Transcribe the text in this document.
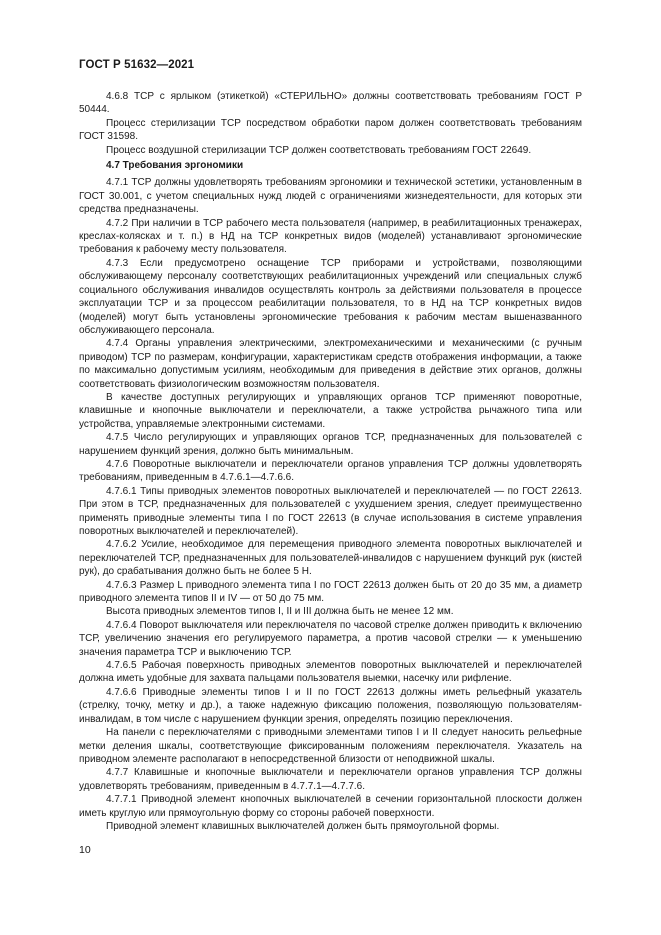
ГОСТ Р 51632—2021

4.6.8 ТСР с ярлыком (этикеткой) «СТЕРИЛЬНО» должны соответствовать требованиям ГОСТ Р 50444.

Процесс стерилизации ТСР посредством обработки паром должен соответствовать требованиям ГОСТ 31598.

Процесс воздушной стерилизации ТСР должен соответствовать требованиям ГОСТ 22649.

4.7 Требования эргономики

4.7.1 ТСР должны удовлетворять требованиям эргономики и технической эстетики, установленным в ГОСТ 30.001, с учетом специальных нужд людей с ограничениями жизнедеятельности, для которых эти средства предназначены.

4.7.2 При наличии в ТСР рабочего места пользователя (например, в реабилитационных тренажерах, креслах-колясках и т. п.) в НД на ТСР конкретных видов (моделей) устанавливают эргономические требования к рабочему месту пользователя.

4.7.3 Если предусмотрено оснащение ТСР приборами и устройствами, позволяющими обслуживающему персоналу соответствующих реабилитационных учреждений или специальных служб социального обслуживания инвалидов осуществлять контроль за действиями пользователя в процессе эксплуатации ТСР и за процессом реабилитации пользователя, то в НД на ТСР конкретных видов (моделей) могут быть установлены эргономические требования к рабочим местам вышеназванного обслуживающего персонала.

4.7.4 Органы управления электрическими, электромеханическими и механическими (с ручным приводом) ТСР по размерам, конфигурации, характеристикам средств отображения информации, а также по максимально допустимым усилиям, необходимым для приведения в действие этих органов, должны соответствовать физиологическим возможностям пользователя.

В качестве доступных регулирующих и управляющих органов ТСР применяют поворотные, клавишные и кнопочные выключатели и переключатели, а также устройства рычажного типа или устройства, управляемые электронными системами.

4.7.5 Число регулирующих и управляющих органов ТСР, предназначенных для пользователей с нарушением функций зрения, должно быть минимальным.

4.7.6 Поворотные выключатели и переключатели органов управления ТСР должны удовлетворять требованиям, приведенным в 4.7.6.1—4.7.6.6.

4.7.6.1 Типы приводных элементов поворотных выключателей и переключателей — по ГОСТ 22613. При этом в ТСР, предназначенных для пользователей с ухудшением зрения, следует преимущественно применять приводные элементы типа I по ГОСТ 22613 (в случае использования в системе управления поворотных выключателей и переключателей).

4.7.6.2 Усилие, необходимое для перемещения приводного элемента поворотных выключателей и переключателей ТСР, предназначенных для пользователей-инвалидов с нарушением функций рук (кистей рук), до срабатывания должно быть не более 5 Н.

4.7.6.3 Размер L приводного элемента типа I по ГОСТ 22613 должен быть от 20 до 35 мм, а диаметр приводного элемента типов II и IV — от 50 до 75 мм.

Высота приводных элементов типов I, II и III должна быть не менее 12 мм.

4.7.6.4 Поворот выключателя или переключателя по часовой стрелке должен приводить к включению ТСР, увеличению значения его регулируемого параметра, а против часовой стрелки — к уменьшению значения параметра ТСР и выключению ТСР.

4.7.6.5 Рабочая поверхность приводных элементов поворотных выключателей и переключателей должна иметь удобные для захвата пальцами пользователя выемки, насечку или рифление.

4.7.6.6 Приводные элементы типов I и II по ГОСТ 22613 должны иметь рельефный указатель (стрелку, точку, метку и др.), а также надежную фиксацию положения, позволяющую пользователям-инвалидам, в том числе с нарушением функции зрения, определять позицию переключения.

На панели с переключателями с приводными элементами типов I и II следует наносить рельефные метки деления шкалы, соответствующие фиксированным положениям переключателя. Указатель на приводном элементе располагают в непосредственной близости от неподвижной шкалы.

4.7.7 Клавишные и кнопочные выключатели и переключатели органов управления ТСР должны удовлетворять требованиям, приведенным в 4.7.7.1—4.7.7.6.

4.7.7.1 Приводной элемент кнопочных выключателей в сечении горизонтальной плоскости должен иметь круглую или прямоугольную форму со стороны рабочей поверхности.

Приводной элемент клавишных выключателей должен быть прямоугольной формы.

10
